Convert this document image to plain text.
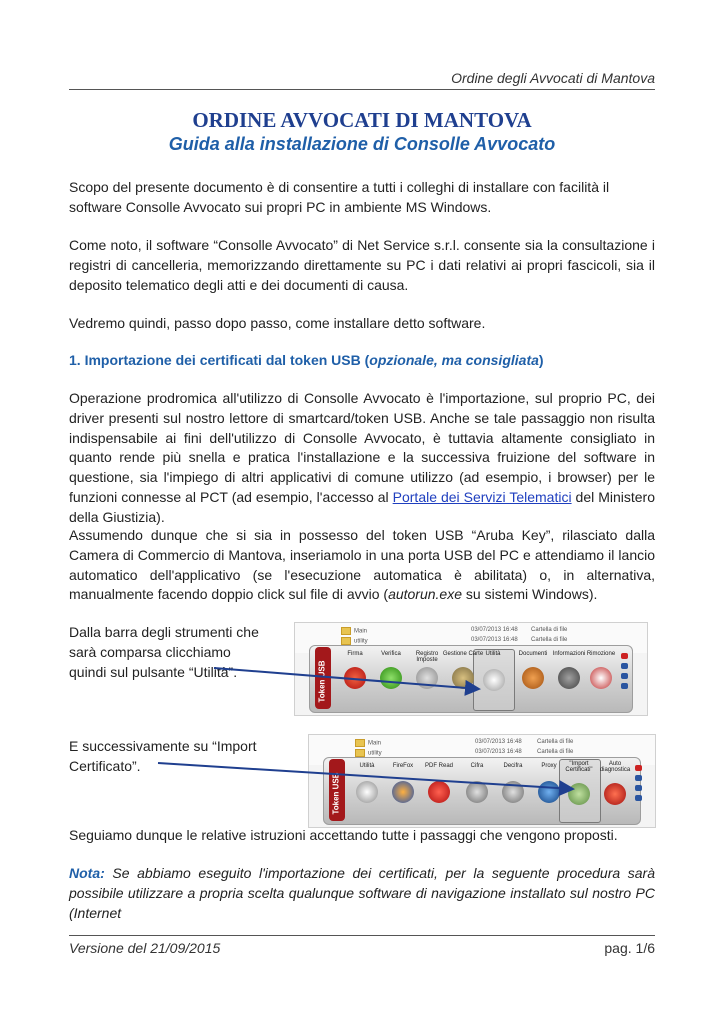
Ordine degli Avvocati di Mantova
ORDINE AVVOCATI DI MANTOVA
Guida alla installazione di Consolle Avvocato

Scopo del presente documento è di consentire a tutti i colleghi di installare con facilità il software Consolle Avvocato sui propri PC in ambiente MS Windows.

Come noto, il software “Consolle Avvocato” di Net Service s.r.l. consente sia la consultazione i registri di cancelleria, memorizzando direttamente su PC i dati relativi ai propri fascicoli, sia il deposito telematico degli atti e dei documenti di causa.

Vedremo quindi, passo dopo passo, come installare detto software.

1. Importazione dei certificati dal token USB (opzionale, ma consigliata)

Operazione prodromica all'utilizzo di Consolle Avvocato è l'importazione, sul proprio PC, dei driver presenti sul nostro lettore di smartcard/token USB. Anche se tale passaggio non risulta indispensabile ai fini dell'utilizzo di Consolle Avvocato, è tuttavia altamente consigliato in quanto rende più snella e pratica l'installazione e la successiva fruizione del software in questione, sia l'impiego di altri applicativi di comune utilizzo (ad esempio, i browser) per le funzioni connesse al PCT (ad esempio, l'accesso al Portale dei Servizi Telematici del Ministero della Giustizia).

Assumendo dunque che si sia in possesso del token USB “Aruba Key”, rilasciato dalla Camera di Commercio di Mantova, inseriamolo in una porta USB del PC e attendiamo il lancio automatico dell'applicativo (se l'esecuzione automatica è abilitata) o, in alternativa, manualmente facendo doppio click sul file di avvio (autorun.exe su sistemi Windows).

Dalla barra degli strumenti che sarà comparsa clicchiamo quindi sul pulsante “Utilità”.

Main	03/07/2013 16:48 Cartella di file
utility	03/07/2013 16:48 Cartella di file
Token USB
Firma	Verifica	Registro Imposte
Gestione Carte Utilità	Documenti Informazioni Rimozione

E successivamente su “Import Certificato”.

Main	03/07/2013 16:48	Cartella di file
utility	03/07/2013 16:48	Cartella di file
Token USB
Utilità	FireFox	PDF Read	Cifra	Decifra	Proxy	"Import Certificati"
Auto diagnostica

Seguiamo dunque le relative istruzioni accettando tutte i passaggi che vengono proposti.

Nota: Se abbiamo eseguito l'importazione dei certificati, per la seguente procedura sarà possibile utilizzare a propria scelta qualunque software di navigazione installato sul nostro PC (Internet

Versione del 21/09/2015	pag. 1/6
